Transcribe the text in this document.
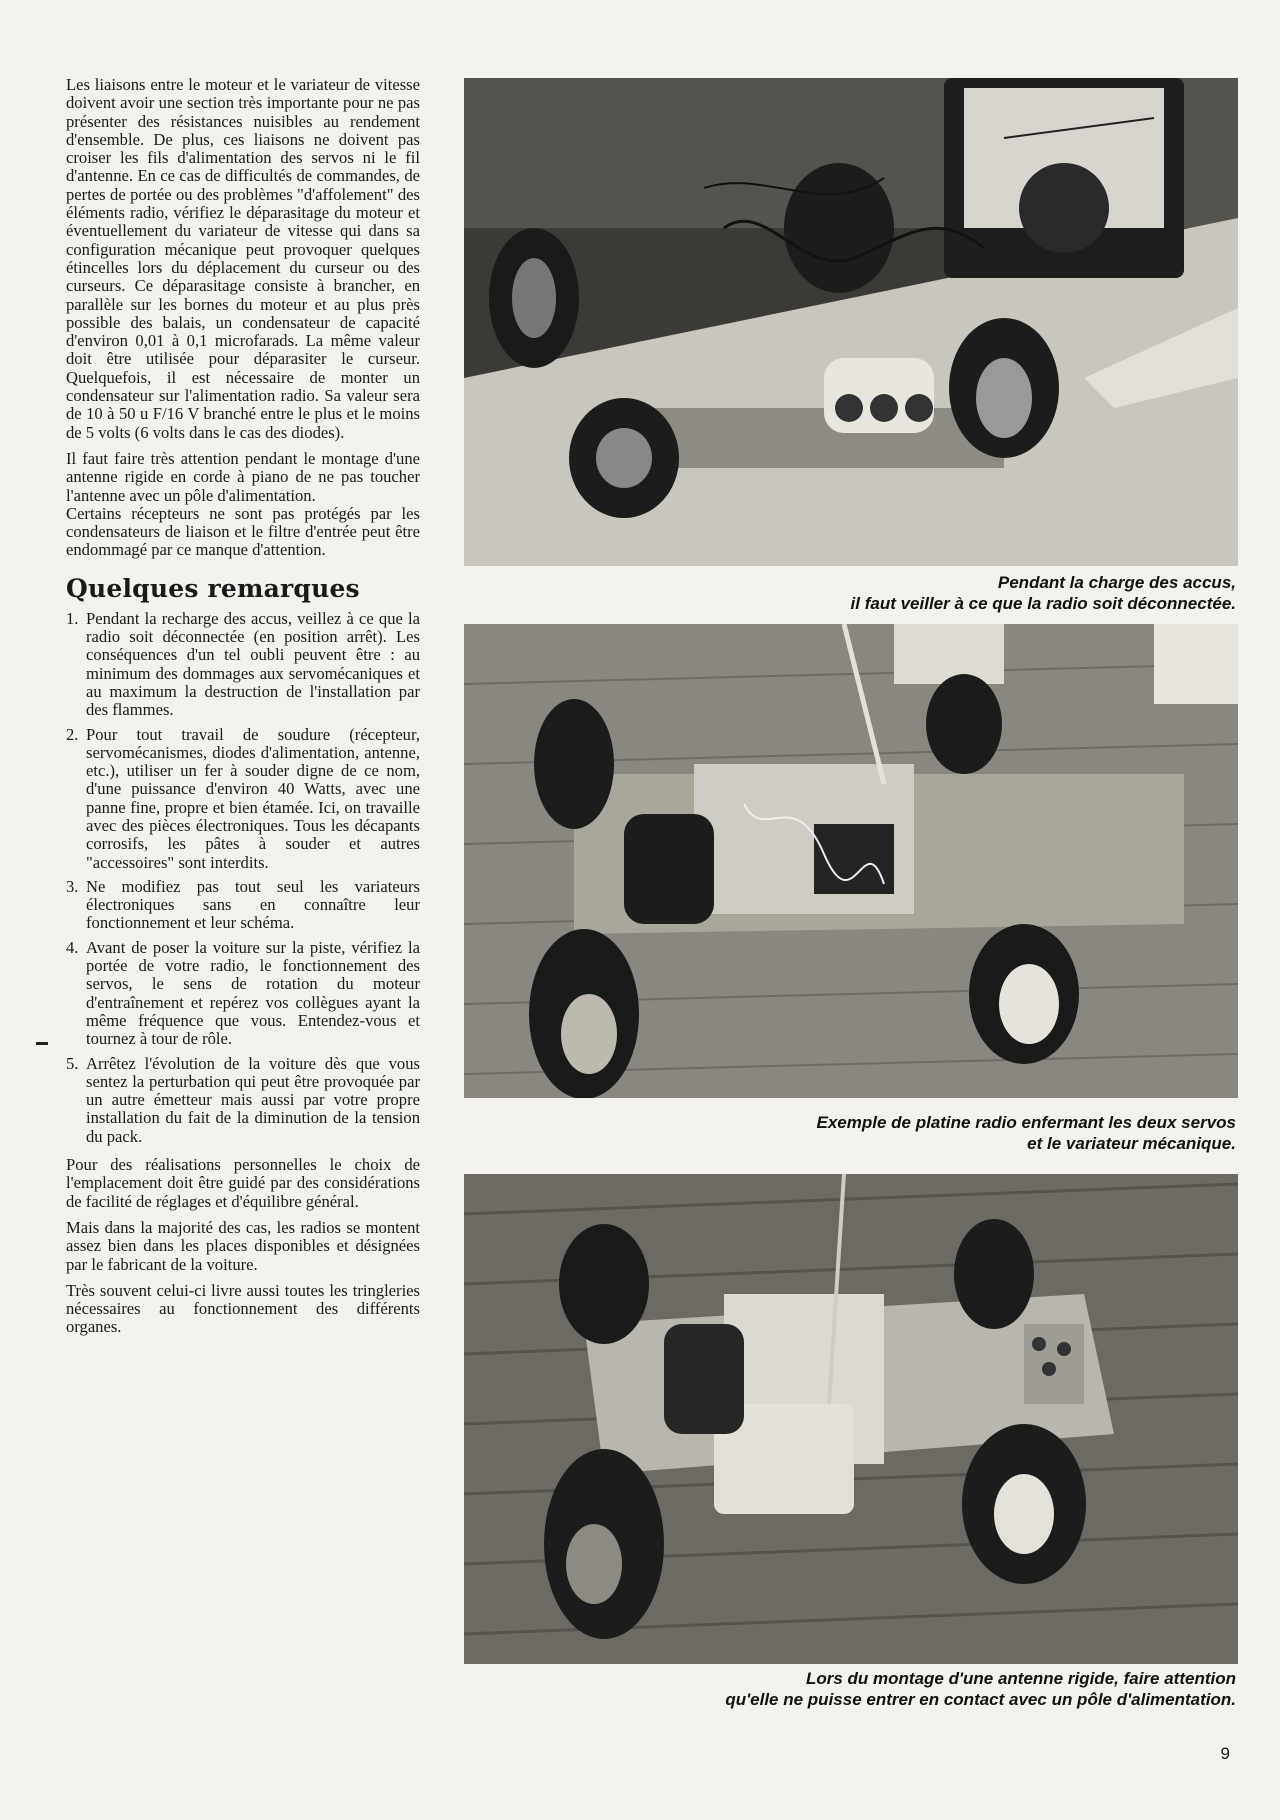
Les liaisons entre le moteur et le variateur de vitesse doivent avoir une section très importante pour ne pas présenter des résistances nuisibles au rendement d'ensemble. De plus, ces liaisons ne doivent pas croiser les fils d'alimentation des servos ni le fil d'antenne. En ce cas de difficultés de commandes, de pertes de portée ou des problèmes "d'affolement" des éléments radio, vérifiez le déparasitage du moteur et éventuellement du variateur de vitesse qui dans sa configuration mécanique peut provoquer quelques étincelles lors du déplacement du curseur ou des curseurs. Ce déparasitage consiste à brancher, en parallèle sur les bornes du moteur et au plus près possible des balais, un condensateur de capacité d'environ 0,01 à 0,1 microfarads. La même valeur doit être utilisée pour déparasiter le curseur. Quelquefois, il est nécessaire de monter un condensateur sur l'alimentation radio. Sa valeur sera de 10 à 50 u F/16 V branché entre le plus et le moins de 5 volts (6 volts dans le cas des diodes).

Il faut faire très attention pendant le montage d'une antenne rigide en corde à piano de ne pas toucher l'antenne avec un pôle d'alimentation.

Certains récepteurs ne sont pas protégés par les condensateurs de liaison et le filtre d'entrée peut être endommagé par ce manque d'attention.

Quelques remarques
1. Pendant la recharge des accus, veillez à ce que la radio soit déconnectée (en position arrêt). Les conséquences d'un tel oubli peuvent être : au minimum des dommages aux servomécaniques et au maximum la destruction de l'installation par des flammes.
2. Pour tout travail de soudure (récepteur, servomécanismes, diodes d'alimentation, antenne, etc.), utiliser un fer à souder digne de ce nom, d'une puissance d'environ 40 Watts, avec une panne fine, propre et bien étamée. Ici, on travaille avec des pièces électroniques. Tous les décapants corrosifs, les pâtes à souder et autres "accessoires" sont interdits.
3. Ne modifiez pas tout seul les variateurs électroniques sans en connaître leur fonctionnement et leur schéma.
4. Avant de poser la voiture sur la piste, vérifiez la portée de votre radio, le fonctionnement des servos, le sens de rotation du moteur d'entraînement et repérez vos collègues ayant la même fréquence que vous. Entendez-vous et tournez à tour de rôle.
5. Arrêtez l'évolution de la voiture dès que vous sentez la perturbation qui peut être provoquée par un autre émetteur mais aussi par votre propre installation du fait de la diminution de la tension du pack.

Pour des réalisations personnelles le choix de l'emplacement doit être guidé par des considérations de facilité de réglages et d'équilibre général.

Mais dans la majorité des cas, les radios se montent assez bien dans les places disponibles et désignées par le fabricant de la voiture.

Très souvent celui-ci livre aussi toutes les tringleries nécessaires au fonctionnement des différents organes.

Pendant la charge des accus,
il faut veiller à ce que la radio soit déconnectée.
Exemple de platine radio enfermant les deux servos
et le variateur mécanique.
Lors du montage d'une antenne rigide, faire attention
qu'elle ne puisse entrer en contact avec un pôle d'alimentation.
9
